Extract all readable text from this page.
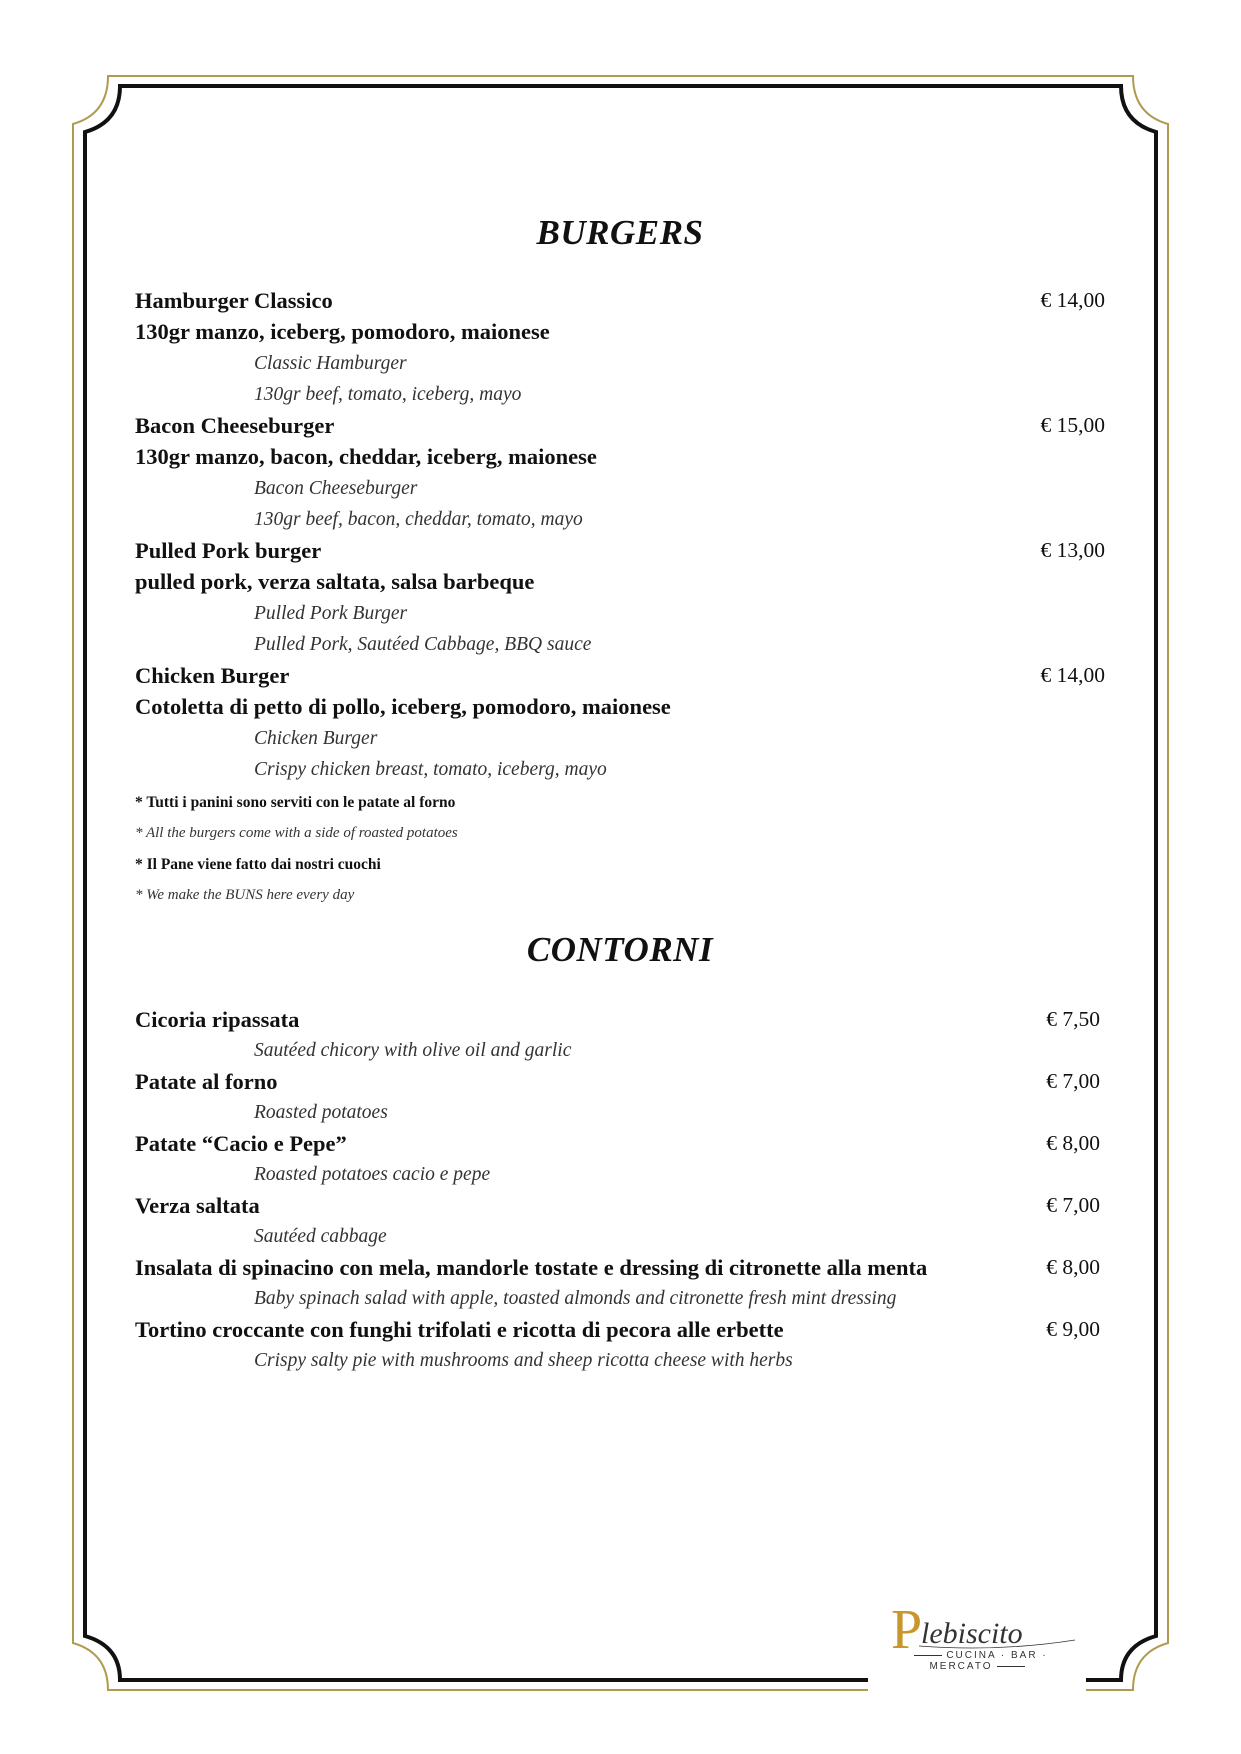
BURGERS
Hamburger Classico	€ 14,00
130gr manzo, iceberg, pomodoro, maionese
Classic Hamburger
130gr beef, tomato, iceberg, mayo
Bacon Cheeseburger	€ 15,00
130gr manzo, bacon, cheddar, iceberg, maionese
Bacon Cheeseburger
130gr beef, bacon, cheddar, tomato, mayo
Pulled Pork burger	€ 13,00
pulled pork, verza saltata, salsa barbeque
Pulled Pork Burger
Pulled Pork, Sautéed Cabbage, BBQ sauce
Chicken Burger	€ 14,00
Cotoletta di petto di pollo, iceberg, pomodoro, maionese
Chicken Burger
Crispy chicken breast, tomato, iceberg, mayo
* Tutti i panini sono serviti con le patate al forno
* All the burgers come with a side of roasted potatoes
* Il Pane viene fatto dai nostri cuochi
* We make the BUNS here every day
CONTORNI
Cicoria ripassata	€ 7,50
Sautéed chicory with olive oil and garlic
Patate al forno	€ 7,00
Roasted potatoes
Patate “Cacio e Pepe”	€ 8,00
Roasted potatoes cacio e pepe
Verza saltata	€ 7,00
Sautéed cabbage
Insalata di spinacino con mela, mandorle tostate e dressing di citronette alla menta	€ 8,00
Baby spinach salad with apple, toasted almonds and citronette fresh mint dressing
Tortino croccante con funghi trifolati e ricotta di pecora alle erbette	€ 9,00
Crispy salty pie with mushrooms and sheep ricotta cheese with herbs
P
lebiscito
CUCINA · BAR · MERCATO
